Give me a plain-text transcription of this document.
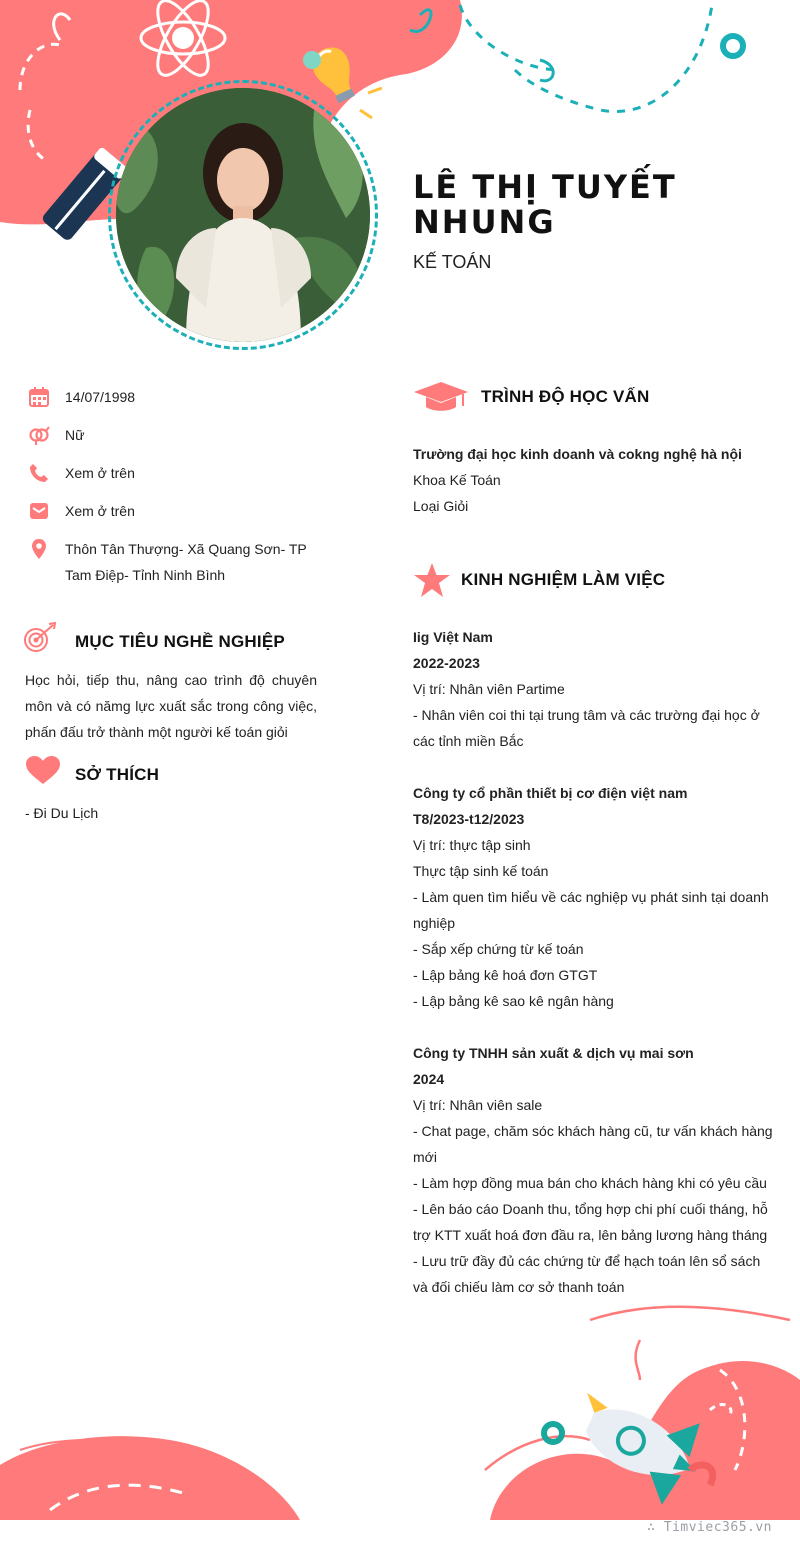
LÊ THỊ TUYẾT
NHUNG
KẾ TOÁN
14/07/1998
Nữ
Xem ở trên
Xem ở trên
Thôn Tân Thượng- Xã Quang Sơn- TP
Tam Điệp- Tỉnh Ninh Bình
MỤC TIÊU NGHỀ NGHIỆP
Học hỏi, tiếp thu, nâng cao trình độ chuyên
môn và có nămg lực xuất sắc trong công việc,
phấn đấu trở thành một người kế toán giỏi
SỞ THÍCH
- Đi Du Lịch
TRÌNH ĐỘ HỌC VẤN
Trường đại học kinh doanh và cokng nghệ hà nội
Khoa Kế Toán
Loại Giỏi
KINH NGHIỆM LÀM VIỆC
Iig Việt Nam
2022-2023
Vị trí: Nhân viên Partime
- Nhân viên coi thi tại trung tâm và các trường đại học ở
các tỉnh miền Bắc
Công ty cổ phần thiết bị cơ điện việt nam
T8/2023-t12/2023
Vị trí: thực tập sinh
Thực tập sinh kế toán
- Làm quen tìm hiểu về các nghiệp vụ phát sinh tại doanh
nghiệp
- Sắp xếp chứng từ kế toán
- Lập bảng kê hoá đơn GTGT
- Lập bảng kê sao kê ngân hàng
Công ty TNHH sản xuất & dịch vụ mai sơn
2024
Vị trí: Nhân viên sale
- Chat page, chăm sóc khách hàng cũ, tư vấn khách hàng
mới
- Làm hợp đồng mua bán cho khách hàng khi có yêu cầu
- Lên báo cáo Doanh thu, tổng hợp chi phí cuối tháng, hỗ
trợ KTT xuất hoá đơn đầu ra, lên bảng lương hàng tháng
- Lưu trữ đầy đủ các chứng từ để hạch toán lên sổ sách
và đối chiếu làm cơ sở thanh toán
∴ Timviec365.vn
